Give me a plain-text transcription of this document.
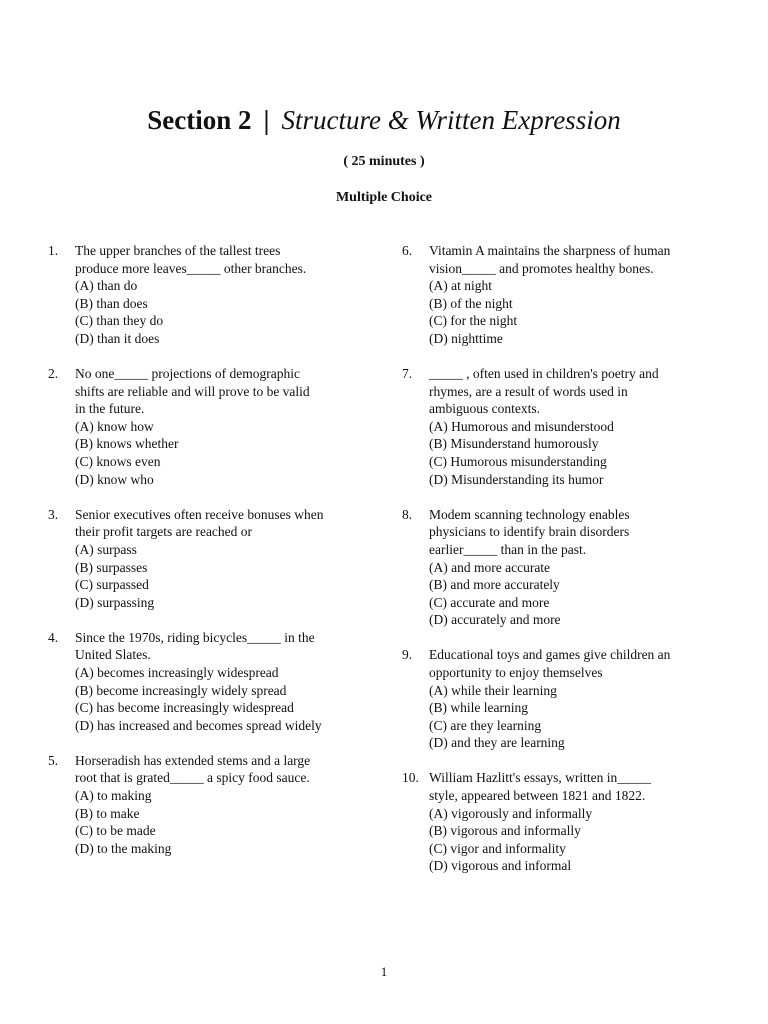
Section 2 | Structure & Written Expression
( 25 minutes )
Multiple Choice
1. The upper branches of the tallest trees
produce more leaves_____ other branches.
(A) than do
(B) than does
(C) than they do
(D) than it does
2. No one_____ projections of demographic
shifts are reliable and will prove to be valid
in the future.
(A) know how
(B) knows whether
(C) knows even
(D) know who
3. Senior executives often receive bonuses when
their profit targets are reached or
(A) surpass
(B) surpasses
(C) surpassed
(D) surpassing
4. Since the 1970s, riding bicycles_____ in the
United Slates.
(A) becomes increasingly widespread
(B) become increasingly widely spread
(C) has become increasingly widespread
(D) has increased and becomes spread widely
5. Horseradish has extended stems and a large
root that is grated_____ a spicy food sauce.
(A) to making
(B) to make
(C) to be made
(D) to the making
6. Vitamin A maintains the sharpness of human
vision_____ and promotes healthy bones.
(A) at night
(B) of the night
(C) for the night
(D) nighttime
7. _____ , often used in children's poetry and
rhymes, are a result of words used in
ambiguous contexts.
(A) Humorous and misunderstood
(B) Misunderstand humorously
(C) Humorous misunderstanding
(D) Misunderstanding its humor
8. Modem scanning technology enables
physicians to identify brain disorders
earlier_____ than in the past.
(A) and more accurate
(B) and more accurately
(C) accurate and more
(D) accurately and more
9. Educational toys and games give children an
opportunity to enjoy themselves
(A) while their learning
(B) while learning
(C) are they learning
(D) and they are learning
10. William Hazlitt's essays, written in_____
style, appeared between 1821 and 1822.
(A) vigorously and informally
(B) vigorous and informally
(C) vigor and informality
(D) vigorous and informal
1
